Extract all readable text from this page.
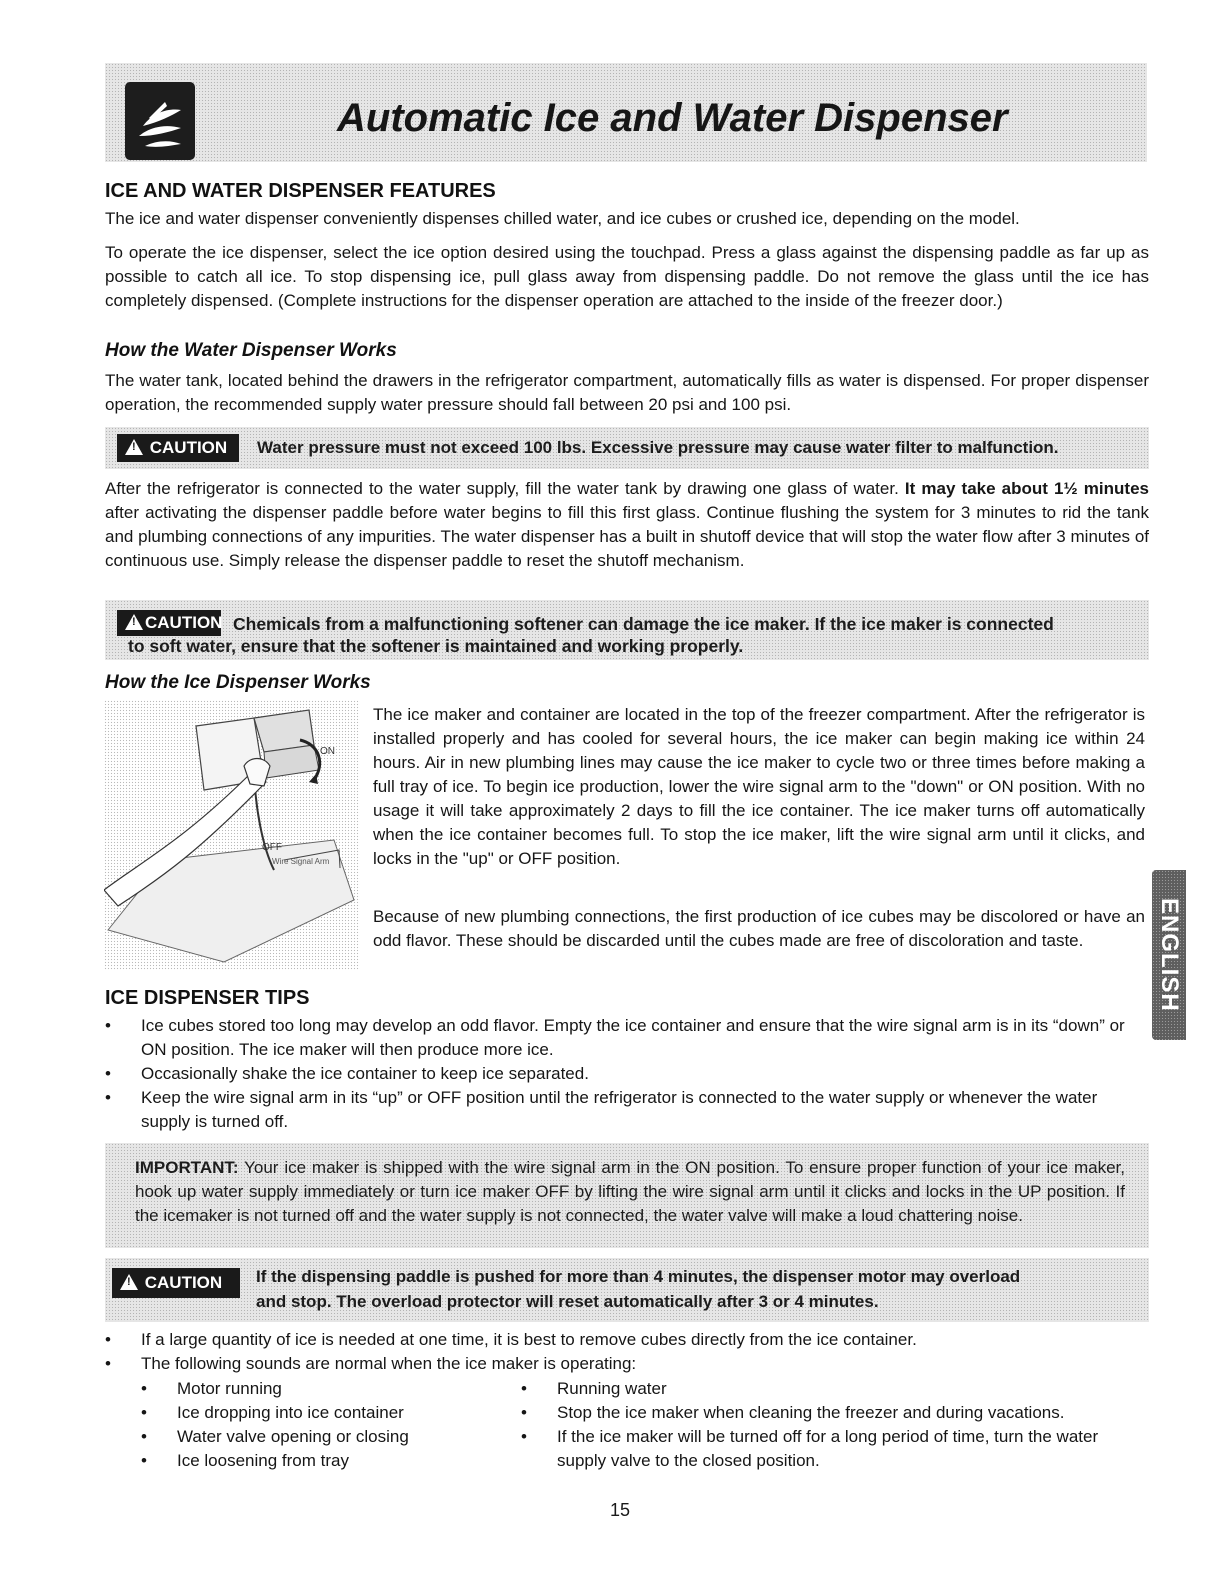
Automatic Ice and Water Dispenser
ICE AND WATER DISPENSER FEATURES
The ice and water dispenser conveniently dispenses chilled water, and ice cubes or crushed ice, depending on the model.
To operate the ice dispenser, select the ice option desired using the touchpad. Press a glass against the dispensing paddle as far up as possible to catch all ice. To stop dispensing ice, pull glass away from dispensing paddle. Do not remove the glass until the ice has completely dispensed. (Complete instructions for the dispenser operation are attached to the inside of the freezer door.)
How the Water Dispenser Works
The water tank, located behind the drawers in the refrigerator compartment, automatically fills as water is dispensed. For proper dispenser operation, the recommended supply water pressure should fall between 20 psi and 100 psi.
! CAUTION	Water pressure must not exceed 100 lbs. Excessive pressure may cause water filter to malfunction.
After the refrigerator is connected to the water supply, fill the water tank by drawing one glass of water. It may take about 1½ minutes after activating the dispenser paddle before water begins to fill this first glass. Continue flushing the system for 3 minutes to rid the tank and plumbing connections of any impurities. The water dispenser has a built in shutoff device that will stop the water flow after 3 minutes of continuous use. Simply release the dispenser paddle to reset the shutoff mechanism.
!CAUTION Chemicals from a malfunctioning softener can damage the ice maker. If the ice maker is connected
to soft water, ensure that the softener is maintained and working properly.
How the Ice Dispenser Works
ON
OFF
Wire Signal Arm
The ice maker and container are located in the top of the freezer compartment. After the refrigerator is installed properly and has cooled for several hours, the ice maker can begin making ice within 24 hours. Air in new plumbing lines may cause the ice maker to cycle two or three times before making a full tray of ice. To begin ice production, lower the wire signal arm to the "down" or ON position. With no usage it will take approximately 2 days to fill the ice container. The ice maker turns off automatically when the ice container becomes full. To stop the ice maker, lift the wire signal arm until it clicks, and locks in the "up" or OFF position.
Because of new plumbing connections, the first production of ice cubes may be discolored or have an odd flavor. These should be discarded until the cubes made are free of discoloration and taste.
ICE DISPENSER TIPS
• Ice cubes stored too long may develop an odd flavor. Empty the ice container and ensure that the wire signal arm is in its “down” or ON position. The ice maker will then produce more ice.
• Occasionally shake the ice container to keep ice separated.
• Keep the wire signal arm in its “up” or OFF position until the refrigerator is connected to the water supply or whenever the water supply is turned off.
IMPORTANT: Your ice maker is shipped with the wire signal arm in the ON position. To ensure proper function of your ice maker, hook up water supply immediately or turn ice maker OFF by lifting the wire signal arm until it clicks and locks in the UP position. If the icemaker is not turned off and the water supply is not connected, the water valve will make a loud chattering noise.
! CAUTION	If the dispensing paddle is pushed for more than 4 minutes, the dispenser motor may overload
and stop. The overload protector will reset automatically after 3 or 4 minutes.
• If a large quantity of ice is needed at one time, it is best to remove cubes directly from the ice container.
• The following sounds are normal when the ice maker is operating:
• Motor running
• Ice dropping into ice container
• Water valve opening or closing
• Ice loosening from tray
• Running water
• Stop the ice maker when cleaning the freezer and during vacations.
• If the ice maker will be turned off for a long period of time, turn the water supply valve to the closed position.
ENGLISH
15
